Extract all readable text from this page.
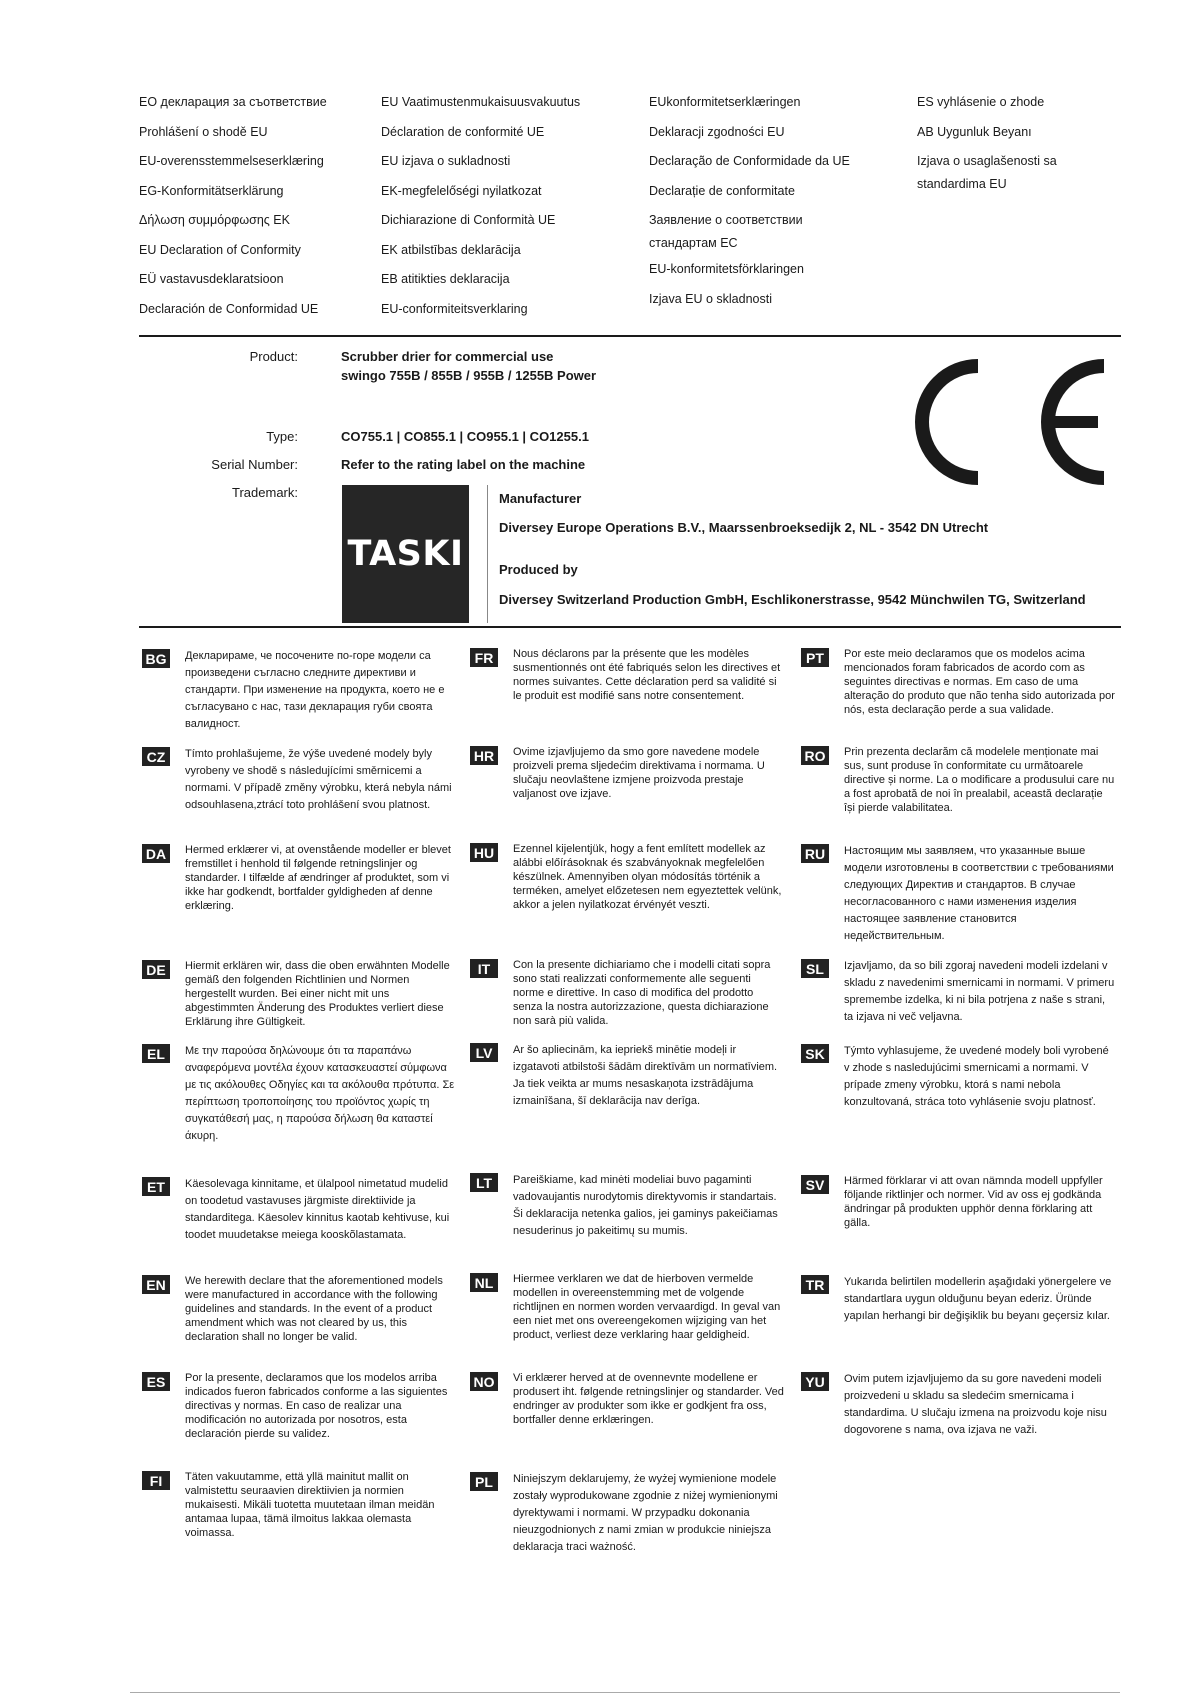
ЕО декларация за съответствие
Prohlášení o shodě EU
EU-overensstemmelseserklæring
EG-Konformitätserklärung
Δήλωση συμμόρφωσης ΕΚ
EU Declaration of Conformity
EÜ vastavusdeklaratsioon
Declaración de Conformidad UE
EU Vaatimustenmukaisuusvakuutus
Déclaration de conformité UE
EU izjava o sukladnosti
EK-megfelelőségi nyilatkozat
Dichiarazione di Conformità UE
EK atbilstības deklarācija
EB atitikties deklaracija
EU-conformiteitsverklaring
EUkonformitetserklæringen
Deklaracji zgodności EU
Declaração de Conformidade da UE
Declarație de conformitate
Заявление о соответствии стандартам ЕС
EU-konformitetsförklaringen
Izjava EU o skladnosti
ES vyhlásenie o zhode
AB Uygunluk Beyanı
Izjava o usaglašenosti sa standardima EU
Product:	Scrubber drier for commercial use
swingo 755B / 855B / 955B / 1255B Power
Type:	CO755.1 | CO855.1 | CO955.1 | CO1255.1
Serial Number:	Refer to the rating label on the machine
Trademark:
TASKI
Manufacturer
Diversey Europe Operations B.V., Maarssenbroeksedijk 2, NL - 3542 DN Utrecht
Produced by
Diversey Switzerland Production GmbH, Eschlikonerstrasse, 9542 Münchwilen TG, Switzerland
BG	Декларираме, че посочените по-горе модели са произведени съгласно следните директиви и стандарти. При изменение на продукта, което не е съгласувано с нас, тази декларация губи своята валидност.
CZ	Tímto prohlašujeme, že výše uvedené modely byly vyrobeny ve shodě s následujícími směrnicemi a normami. V případě změny výrobku, která nebyla námi odsouhlasena,ztrácí toto prohlášení svou platnost.
DA	Hermed erklærer vi, at ovenstående modeller er blevet fremstillet i henhold til følgende retningslinjer og standarder. I tilfælde af ændringer af produktet, som vi ikke har godkendt, bortfalder gyldigheden af denne erklæring.
DE	Hiermit erklären wir, dass die oben erwähnten Modelle gemäß den folgenden Richtlinien und Normen hergestellt wurden. Bei einer nicht mit uns abgestimmten Änderung des Produktes verliert diese Erklärung ihre Gültigkeit.
EL	Με την παρούσα δηλώνουμε ότι τα παραπάνω αναφερόμενα μοντέλα έχουν κατασκευαστεί σύμφωνα με τις ακόλουθες Οδηγίες και τα ακόλουθα πρότυπα. Σε περίπτωση τροποποίησης του προϊόντος χωρίς τη συγκατάθεσή μας, η παρούσα δήλωση θα καταστεί άκυρη.
ET	Käesolevaga kinnitame, et ülalpool nimetatud mudelid on toodetud vastavuses järgmiste direktiivide ja standarditega. Käesolev kinnitus kaotab kehtivuse, kui toodet muudetakse meiega kooskõlastamata.
EN	We herewith declare that the aforementioned models were manufactured in accordance with the following guidelines and standards. In the event of a product amendment which was not cleared by us, this declaration shall no longer be valid.
ES	Por la presente, declaramos que los modelos arriba indicados fueron fabricados conforme a las siguientes directivas y normas. En caso de realizar una modificación no autorizada por nosotros, esta declaración pierde su validez.
FI	Täten vakuutamme, että yllä mainitut mallit on valmistettu seuraavien direktiivien ja normien mukaisesti. Mikäli tuotetta muutetaan ilman meidän antamaa lupaa, tämä ilmoitus lakkaa olemasta voimassa.
FR	Nous déclarons par la présente que les modèles susmentionnés ont été fabriqués selon les directives et normes suivantes. Cette déclaration perd sa validité si le produit est modifié sans notre consentement.
HR	Ovime izjavljujemo da smo gore navedene modele proizveli prema sljedećim direktivama i normama. U slučaju neovlaštene izmjene proizvoda prestaje valjanost ove izjave.
HU	Ezennel kijelentjük, hogy a fent említett modellek az alábbi előírásoknak és szabványoknak megfelelően készülnek. Amennyiben olyan módosítás történik a terméken, amelyet előzetesen nem egyeztettek velünk, akkor a jelen nyilatkozat érvényét veszti.
IT	Con la presente dichiariamo che i modelli citati sopra sono stati realizzati conformemente alle seguenti norme e direttive. In caso di modifica del prodotto senza la nostra autorizzazione, questa dichiarazione non sarà più valida.
LV	Ar šo apliecinām, ka iepriekš minētie modeļi ir izgatavoti atbilstoši šādām direktīvām un normatīviem. Ja tiek veikta ar mums nesaskaņota izstrādājuma izmainīšana, šī deklarācija nav derīga.
LT	Pareiškiame, kad minėti modeliai buvo pagaminti vadovaujantis nurodytomis direktyvomis ir standartais. Ši deklaracija netenka galios, jei gaminys pakeičiamas nesuderinus jo pakeitimų su mumis.
NL	Hiermee verklaren we dat de hierboven vermelde modellen in overeenstemming met de volgende richtlijnen en normen worden vervaardigd. In geval van een niet met ons overeengekomen wijziging van het product, verliest deze verklaring haar geldigheid.
NO	Vi erklærer herved at de ovennevnte modellene er produsert iht. følgende retningslinjer og standarder. Ved endringer av produkter som ikke er godkjent fra oss, bortfaller denne erklæringen.
PL	Niniejszym deklarujemy, że wyżej wymienione modele zostały wyprodukowane zgodnie z niżej wymienionymi dyrektywami i normami. W przypadku dokonania nieuzgodnionych z nami zmian w produkcie niniejsza deklaracja traci ważność.
PT	Por este meio declaramos que os modelos acima mencionados foram fabricados de acordo com as seguintes directivas e normas. Em caso de uma alteração do produto que não tenha sido autorizada por nós, esta declaração perde a sua validade.
RO	Prin prezenta declarăm că modelele menționate mai sus, sunt produse în conformitate cu următoarele directive și norme. La o modificare a produsului care nu a fost aprobată de noi în prealabil, această declarație își pierde valabilitatea.
RU	Настоящим мы заявляем, что указанные выше модели изготовлены в соответствии с требованиями следующих Директив и стандартов. В случае несогласованного с нами изменения изделия настоящее заявление становится недействительным.
SL	Izjavljamo, da so bili zgoraj navedeni modeli izdelani v skladu z navedenimi smernicami in normami. V primeru spremembe izdelka, ki ni bila potrjena z naše s strani, ta izjava ni več veljavna.
SK	Týmto vyhlasujeme, že uvedené modely boli vyrobené v zhode s nasledujúcimi smernicami a normami. V prípade zmeny výrobku, ktorá s nami nebola konzultovaná, stráca toto vyhlásenie svoju platnosť.
SV	Härmed förklarar vi att ovan nämnda modell uppfyller följande riktlinjer och normer. Vid av oss ej godkända ändringar på produkten upphör denna förklaring att gälla.
TR	Yukarıda belirtilen modellerin aşağıdaki yönergelere ve standartlara uygun olduğunu beyan ederiz. Üründe yapılan herhangi bir değişiklik bu beyanı geçersiz kılar.
YU	Ovim putem izjavljujemo da su gore navedeni modeli proizvedeni u skladu sa sledećim smernicama i standardima. U slučaju izmena na proizvodu koje nisu dogovorene s nama, ova izjava ne važi.
